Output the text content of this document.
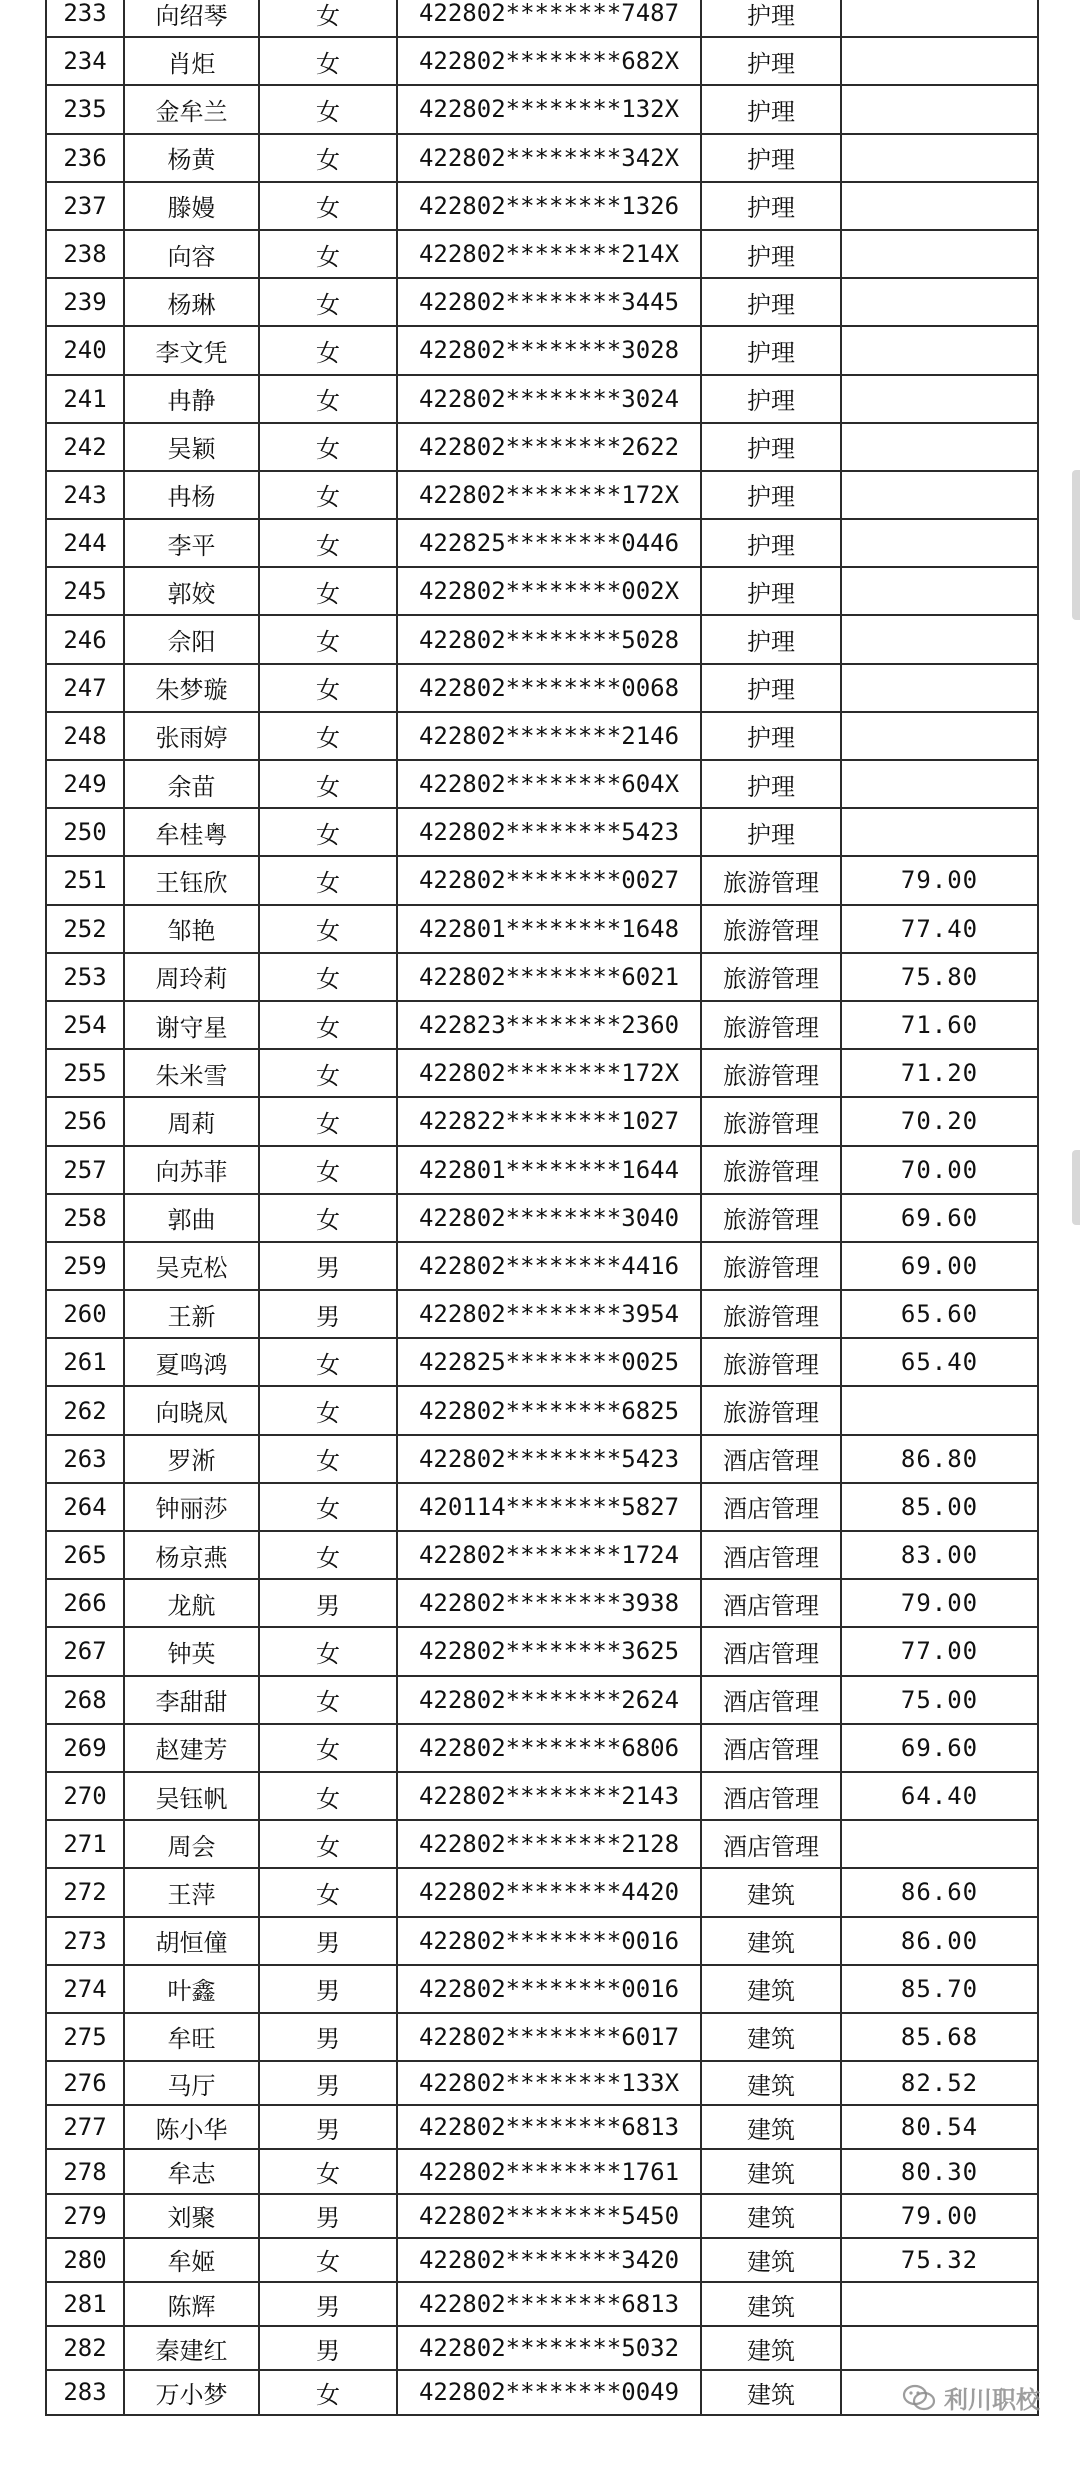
233	向绍琴	女	422802********7487	护理	
234	肖炬	女	422802********682X	护理	
235	金牟兰	女	422802********132X	护理	
236	杨黄	女	422802********342X	护理	
237	滕嫚	女	422802********1326	护理	
238	向容	女	422802********214X	护理	
239	杨琳	女	422802********3445	护理	
240	李文凭	女	422802********3028	护理	
241	冉静	女	422802********3024	护理	
242	吴颖	女	422802********2622	护理	
243	冉杨	女	422802********172X	护理	
244	李平	女	422825********0446	护理	
245	郭姣	女	422802********002X	护理	
246	佘阳	女	422802********5028	护理	
247	朱梦璇	女	422802********0068	护理	
248	张雨婷	女	422802********2146	护理	
249	余苗	女	422802********604X	护理	
250	牟桂粤	女	422802********5423	护理	
251	王钰欣	女	422802********0027	旅游管理	79.00
252	邹艳	女	422801********1648	旅游管理	77.40
253	周玲莉	女	422802********6021	旅游管理	75.80
254	谢守星	女	422823********2360	旅游管理	71.60
255	朱米雪	女	422802********172X	旅游管理	71.20
256	周莉	女	422822********1027	旅游管理	70.20
257	向苏菲	女	422801********1644	旅游管理	70.00
258	郭曲	女	422802********3040	旅游管理	69.60
259	吴克松	男	422802********4416	旅游管理	69.00
260	王新	男	422802********3954	旅游管理	65.60
261	夏鸣鸿	女	422825********0025	旅游管理	65.40
262	向晓凤	女	422802********6825	旅游管理	
263	罗淅	女	422802********5423	酒店管理	86.80
264	钟丽莎	女	420114********5827	酒店管理	85.00
265	杨京燕	女	422802********1724	酒店管理	83.00
266	龙航	男	422802********3938	酒店管理	79.00
267	钟英	女	422802********3625	酒店管理	77.00
268	李甜甜	女	422802********2624	酒店管理	75.00
269	赵建芳	女	422802********6806	酒店管理	69.60
270	吴钰帆	女	422802********2143	酒店管理	64.40
271	周会	女	422802********2128	酒店管理	
272	王萍	女	422802********4420	建筑	86.60
273	胡恒僮	男	422802********0016	建筑	86.00
274	叶鑫	男	422802********0016	建筑	85.70
275	牟旺	男	422802********6017	建筑	85.68
276	马厅	男	422802********133X	建筑	82.52
277	陈小华	男	422802********6813	建筑	80.54
278	牟志	女	422802********1761	建筑	80.30
279	刘聚	男	422802********5450	建筑	79.00
280	牟姬	女	422802********3420	建筑	75.32
281	陈辉	男	422802********6813	建筑	
282	秦建红	男	422802********5032	建筑	
283	万小梦	女	422802********0049	建筑		利川职校
